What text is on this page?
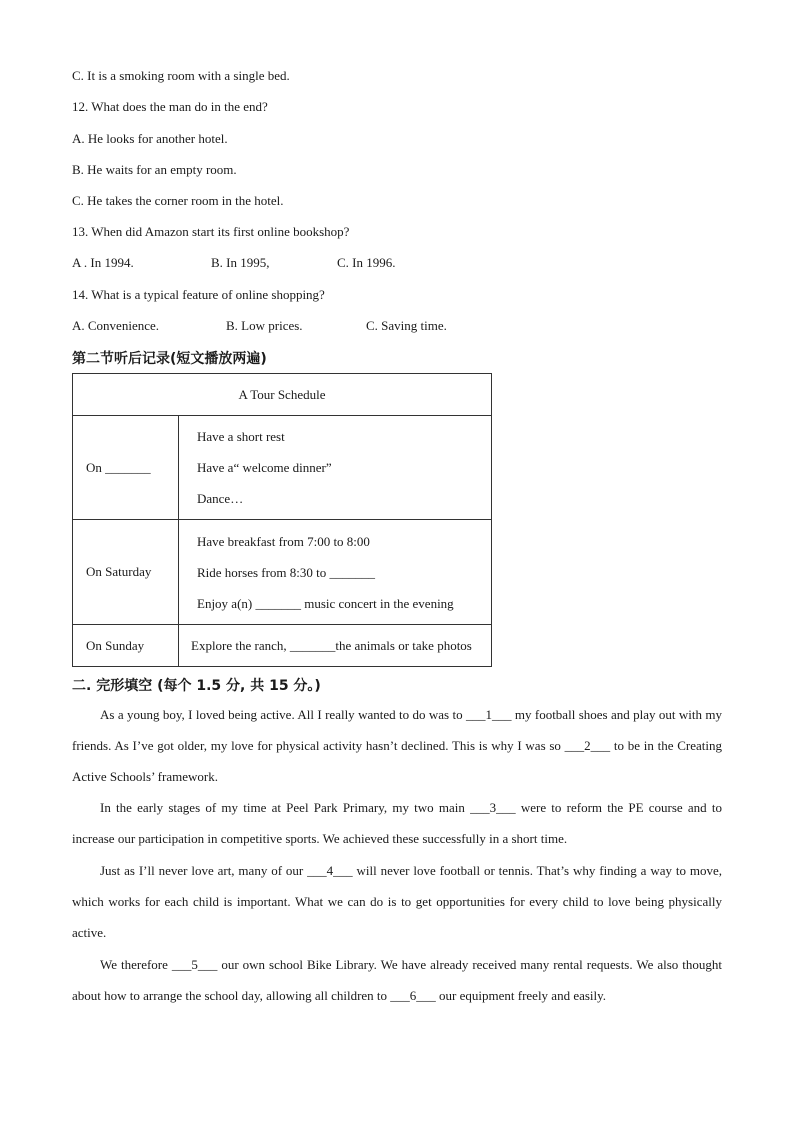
C. It is a smoking room with a single bed.
12. What does the man do in the end?
A. He looks for another hotel.
B. He waits for an empty room.
C. He takes the corner room in the hotel.
13. When did Amazon start its first online bookshop?
A . In 1994.	B. In 1995,	C. In 1996.
14. What is a typical feature of online shopping?
A. Convenience.	B. Low prices.	C. Saving time.
第二节听后记录(短文播放两遍)
A Tour Schedule	
On _______	Have a short rest
Have a“ welcome dinner”
Dance…

On Saturday	Have breakfast from 7:00 to 8:00
Ride horses from 8:30 to _______
Enjoy a(n) _______ music concert in the evening

On Sunday	Explore the ranch, _______the animals or take photos
二. 完形填空 (每个 1.5 分, 共 15 分。)
As a young boy, I loved being active. All I really wanted to do was to ___1___ my football shoes and play out with my friends. As I’ve got older, my love for physical activity hasn’t declined. This is why I was so ___2___ to be in the Creating Active Schools’ framework.
In the early stages of my time at Peel Park Primary, my two main ___3___ were to reform the PE course and to increase our participation in competitive sports. We achieved these successfully in a short time.
Just as I’ll never love art, many of our ___4___ will never love football or tennis. That’s why finding a way to move, which works for each child is important. What we can do is to get opportunities for every child to love being physically active.
We therefore ___5___ our own school Bike Library. We have already received many rental requests. We also thought about how to arrange the school day, allowing all children to ___6___ our equipment freely and easily.
